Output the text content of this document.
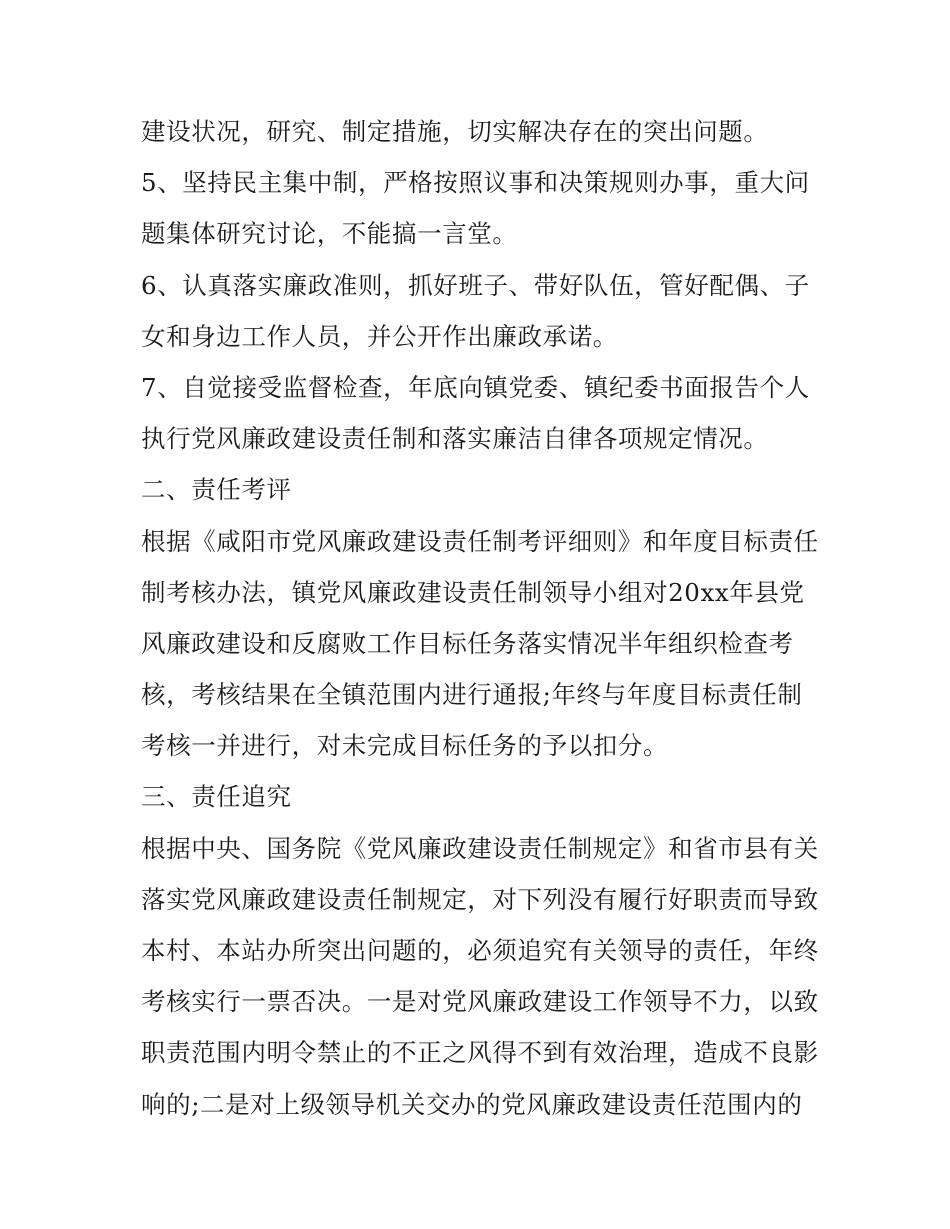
建设状况，研究、制定措施，切实解决存在的突出问题。
5、坚持民主集中制，严格按照议事和决策规则办事，重大问
题集体研究讨论，不能搞一言堂。
6、认真落实廉政准则，抓好班子、带好队伍，管好配偶、子
女和身边工作人员，并公开作出廉政承诺。
7、自觉接受监督检查，年底向镇党委、镇纪委书面报告个人
执行党风廉政建设责任制和落实廉洁自律各项规定情况。
二、责任考评
根据《咸阳市党风廉政建设责任制考评细则》和年度目标责任
制考核办法，镇党风廉政建设责任制领导小组对20xx年县党
风廉政建设和反腐败工作目标任务落实情况半年组织检查考
核，考核结果在全镇范围内进行通报;年终与年度目标责任制
考核一并进行，对未完成目标任务的予以扣分。
三、责任追究
根据中央、国务院《党风廉政建设责任制规定》和省市县有关
落实党风廉政建设责任制规定，对下列没有履行好职责而导致
本村、本站办所突出问题的，必须追究有关领导的责任，年终
考核实行一票否决。一是对党风廉政建设工作领导不力，以致
职责范围内明令禁止的不正之风得不到有效治理，造成不良影
响的;二是对上级领导机关交办的党风廉政建设责任范围内的
